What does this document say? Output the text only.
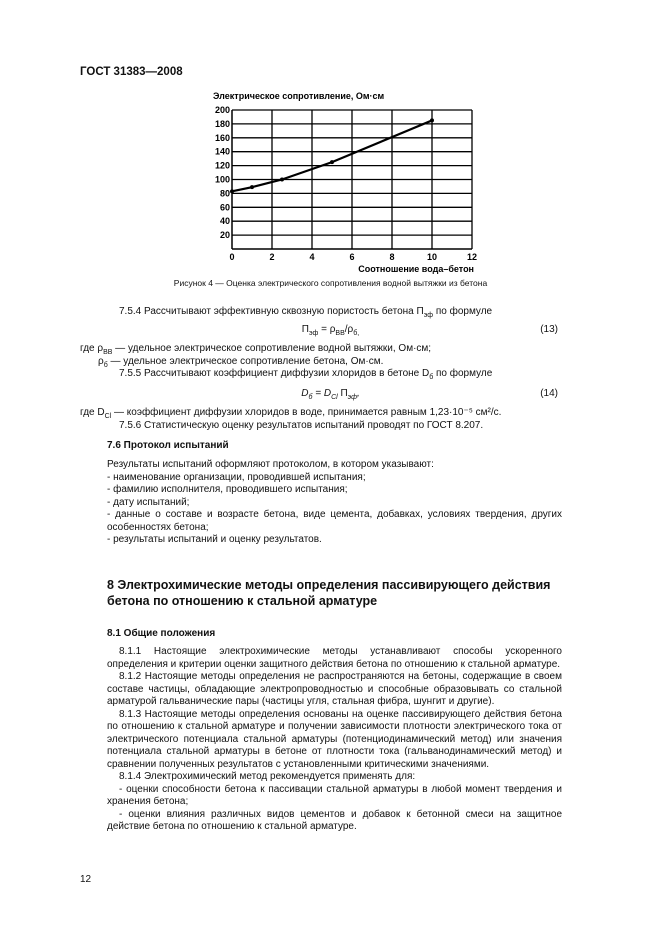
ГОСТ 31383—2008
Электрическое сопротивление, Ом·см
0	2	4	6	8	10	12
20
40
60
80
100
120
140
160
180
200
Соотношение вода–бетон
Рисунок 4 — Оценка электрического сопротивления водной вытяжки из бетона
7.5.4 Рассчитывают эффективную сквозную пористость бетона $П_{эф}$ по формуле
$П_{эф} = \rho_{ВВ}/\rho_{б,}$	(13)
где $\rho_{ВВ}$ — удельное электрическое сопротивление водной вытяжки, Ом·см;
$\rho_б$ — удельное электрическое сопротивление бетона, Ом·см.
7.5.5 Рассчитывают коэффициент диффузии хлоридов в бетоне $D_б$ по формуле
$D_б = D_{Cl}$ $П_{эф}$,	(14)
где $D_{Cl}$ — коэффициент диффузии хлоридов в воде, принимается равным 1,23·10⁻⁵ см²/с.
7.5.6 Статистическую оценку результатов испытаний проводят по ГОСТ 8.207.
7.6 Протокол испытаний
Результаты испытаний оформляют протоколом, в котором указывают:
- наименование организации, проводившей испытания;
- фамилию исполнителя, проводившего испытания;
- дату испытаний;
- данные о составе и возрасте бетона, виде цемента, добавках, условиях твердения, других особенностях бетона;
- результаты испытаний и оценку результатов.
8 Электрохимические методы определения пассивирующего действия бетона по отношению к стальной арматуре
8.1 Общие положения
8.1.1 Настоящие электрохимические методы устанавливают способы ускоренного определения и критерии оценки защитного действия бетона по отношению к стальной арматуре.
8.1.2 Настоящие методы определения не распространяются на бетоны, содержащие в своем составе частицы, обладающие электропроводностью и способные образовывать со стальной арматурой гальванические пары (частицы угля, стальная фибра, шунгит и другие).
8.1.3 Настоящие методы определения основаны на оценке пассивирующего действия бетона по отношению к стальной арматуре и получении зависимости плотности электрического тока от электрического потенциала стальной арматуры (потенциодинамический метод) или значения потенциала стальной арматуры в бетоне от плотности тока (гальванодинамический метод) и сравнении полученных результатов с установленными критическими значениями.
8.1.4 Электрохимический метод рекомендуется применять для:
- оценки способности бетона к пассивации стальной арматуры в любой момент твердения и хранения бетона;
- оценки влияния различных видов цементов и добавок к бетонной смеси на защитное действие бетона по отношению к стальной арматуре.
12
